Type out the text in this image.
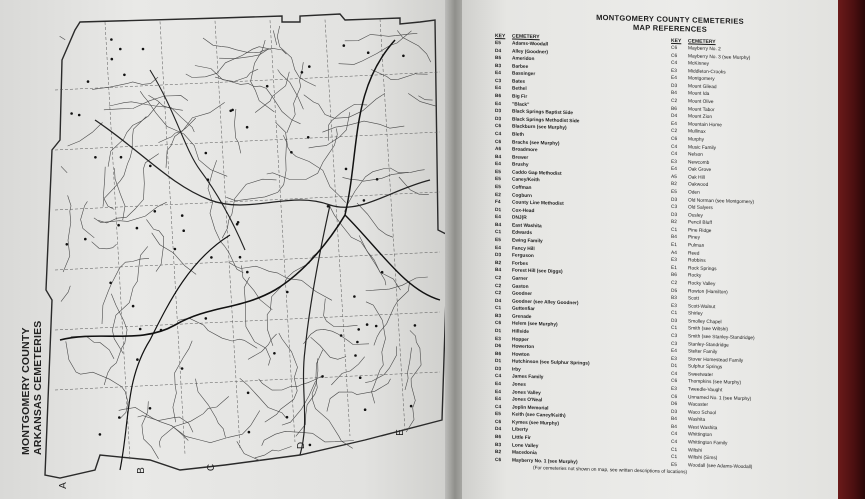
MONTGOMERY COUNTY ARKANSAS CEMETERIES
A
B	C
D
E
MONTGOMERY COUNTY CEMETERIES
MAP REFERENCES
KEY	CEMETERY
E5	Adams-Woodall
D4	Alley (Goodner)
B5	Ameridon
B3	Barbee
E4	Bassinger
C3	Bates
E4	Bethel
B6	Big Fir
E4	"Black"
D3	Black Springs Baptist Side
D3	Black Springs Methodist Side
C6	Blackburn (see Murphy)
C4	Bleth
C6	Brachs (see Murphy)
A6	Broadmore
B4	Brewer
E4	Brushy
E5	Caddo Gap Methodist
E5	Caney/Keith
E5	Coffman
E2	Cogburn
F4	County Line Methodist
D1	Cox-Head
E4	DNJ(R
B4	East Washita
C1	Edwards
E5	Ewing Family
E4	Fancy Hill
D3	Ferguson
B2	Forbes
B4	Forest Hill (see Diggs)
C2	Garner
C2	Gaston
C2	Goodner
D4	Goodner (see Alley Goodner)
C1	Guttenfiar
B3	Grenade
C6	Helem (see Murphy)
D1	Hillside
E3	Hopper
D6	Howerton
B6	Howton
D1	Hutchinson (see Sulphur Springs)
D3	Irby
C4	James Family
E4	Jones
E4	Jones Valley
E4	Jones O'Neal
C4	Joplin Memorial
E5	Keith (see Caney/Keith)
C6	Kymes (see Murphy)
D4	Liberty
B6	Little Fir
B3	Lone Valley
B2	Macedonia
C6	Mayberry No. 1 (see Murphy)
KEY	CEMETERY
C6	Mayberry No. 2
C6	Mayberry No. 3 (see Murphy)
C4	McKinney
E3	Middleton-Crooks
E4	Montgomery
D3	Mount Gilead
B4	Mount Ida
C2	Mount Olive
B6	Mount Tabor
D4	Mount Zion
E4	Mountain Home
C2	Mullinax
C6	Murphy
C4	Music Family
C4	Nelson
E3	Newcomb
E4	Oak Grove
A5	Oak Hill
B2	Oakwood
E5	Oden
D3	Old Norman (see Montgomery)
C3	Old Salyers
D3	Ousley
B2	Pencil Bluff
C1	Pine Ridge
B4	Piney
E1	Pulman
A4	Reed
E3	Robbins
E1	Rock Springs
B6	Rocky
C2	Rocky Valley
D5	Rowton (Hamilton)
B3	Scott
E3	Scott-Walnut
C1	Shirley
D3	Smolley Chapel
C1	Smith (see Wiltshi)
C3	Smith (see Stanley-Standridge)
C3	Stanley-Standridge
E4	Stelter Family
E3	Stover Homestead Family
D1	Sulphur Springs
C4	Sweetwater
C6	Thompkins (see Murphy)
E3	Tweedle-Vaught
C6	Unnamed No. 1 (see Murphy)
D6	Wacaster
D3	Waco School
B4	Washita
B4	West Washita
C4	Whittington
C4	Whittington Family
C1	Wiltshi
C1	Wiltshi (Sims)
E5	Woodall (see Adams-Woodall)
(For cemeteries not shown on map, see written descriptions of locations)
